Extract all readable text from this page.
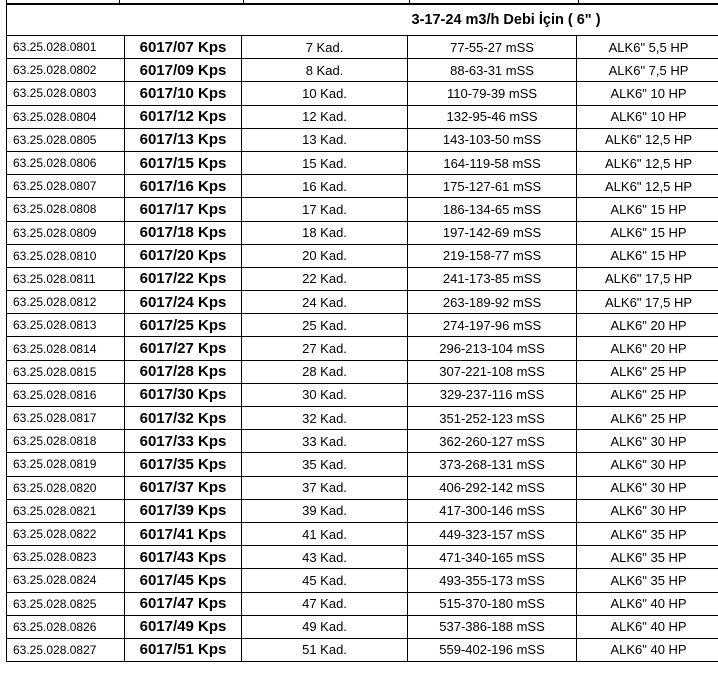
			3-17-24 m3/h Debi İçin ( 6" )	
63.25.028.0801	6017/07 Kps	7 Kad.	77-55-27 mSS	ALK6" 5,5 HP
63.25.028.0802	6017/09 Kps	8 Kad.	88-63-31 mSS	ALK6" 7,5 HP
63.25.028.0803	6017/10 Kps	10 Kad.	110-79-39 mSS	ALK6" 10 HP
63.25.028.0804	6017/12 Kps	12 Kad.	132-95-46 mSS	ALK6" 10 HP
63.25.028.0805	6017/13 Kps	13 Kad.	143-103-50 mSS	ALK6" 12,5 HP
63.25.028.0806	6017/15 Kps	15 Kad.	164-119-58 mSS	ALK6" 12,5 HP
63.25.028.0807	6017/16 Kps	16 Kad.	175-127-61 mSS	ALK6" 12,5 HP
63.25.028.0808	6017/17 Kps	17 Kad.	186-134-65 mSS	ALK6" 15 HP
63.25.028.0809	6017/18 Kps	18 Kad.	197-142-69 mSS	ALK6" 15 HP
63.25.028.0810	6017/20 Kps	20 Kad.	219-158-77 mSS	ALK6" 15 HP
63.25.028.0811	6017/22 Kps	22 Kad.	241-173-85 mSS	ALK6" 17,5 HP
63.25.028.0812	6017/24 Kps	24 Kad.	263-189-92 mSS	ALK6" 17,5 HP
63.25.028.0813	6017/25 Kps	25 Kad.	274-197-96 mSS	ALK6" 20 HP
63.25.028.0814	6017/27 Kps	27 Kad.	296-213-104 mSS	ALK6" 20 HP
63.25.028.0815	6017/28 Kps	28 Kad.	307-221-108 mSS	ALK6" 25 HP
63.25.028.0816	6017/30 Kps	30 Kad.	329-237-116 mSS	ALK6" 25 HP
63.25.028.0817	6017/32 Kps	32 Kad.	351-252-123 mSS	ALK6" 25 HP
63.25.028.0818	6017/33 Kps	33 Kad.	362-260-127 mSS	ALK6" 30 HP
63.25.028.0819	6017/35 Kps	35 Kad.	373-268-131 mSS	ALK6" 30 HP
63.25.028.0820	6017/37 Kps	37 Kad.	406-292-142 mSS	ALK6" 30 HP
63.25.028.0821	6017/39 Kps	39 Kad.	417-300-146 mSS	ALK6" 30 HP
63.25.028.0822	6017/41 Kps	41 Kad.	449-323-157 mSS	ALK6" 35 HP
63.25.028.0823	6017/43 Kps	43 Kad.	471-340-165 mSS	ALK6" 35 HP
63.25.028.0824	6017/45 Kps	45 Kad.	493-355-173 mSS	ALK6" 35 HP
63.25.028.0825	6017/47 Kps	47 Kad.	515-370-180 mSS	ALK6" 40 HP
63.25.028.0826	6017/49 Kps	49 Kad.	537-386-188 mSS	ALK6" 40 HP
63.25.028.0827	6017/51 Kps	51 Kad.	559-402-196 mSS	ALK6" 40 HP
